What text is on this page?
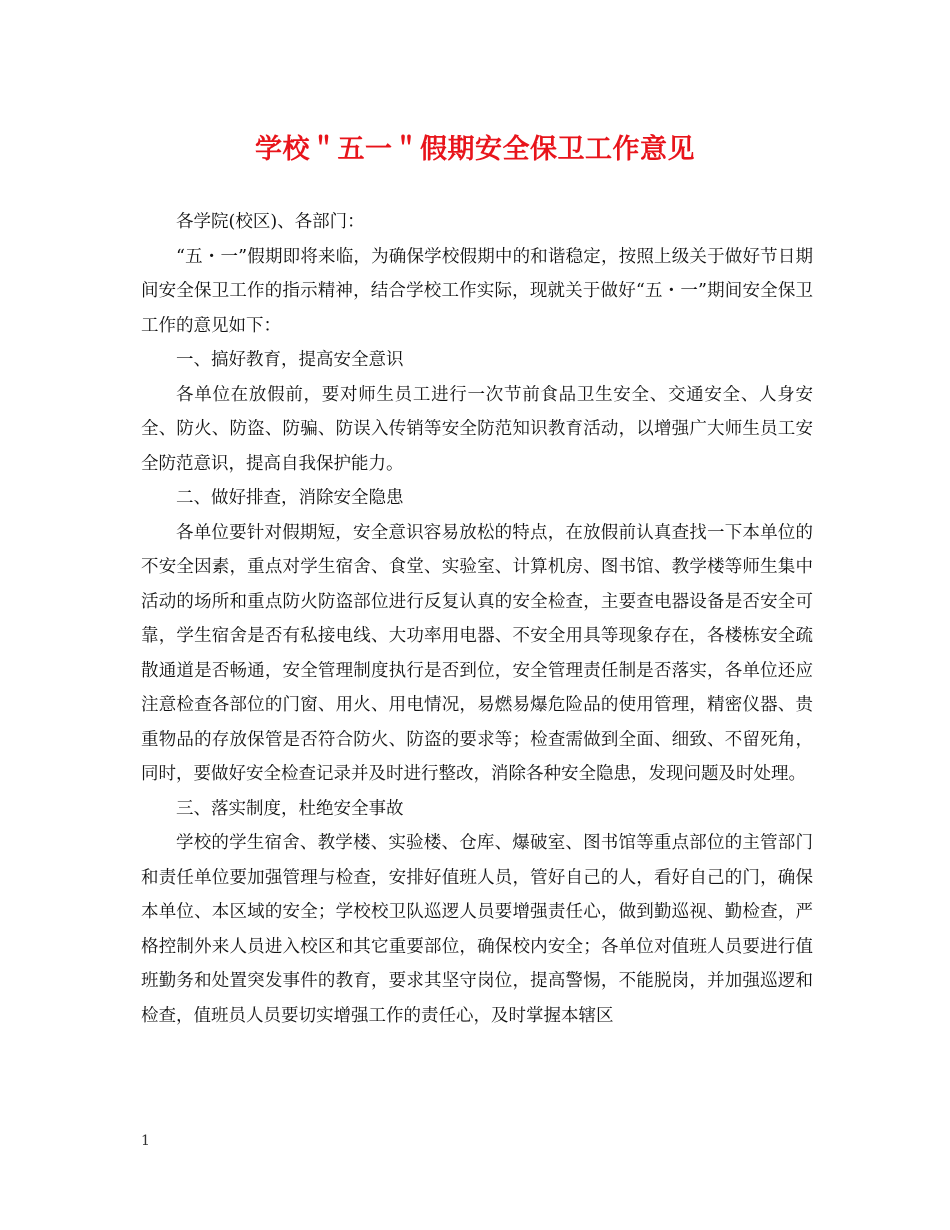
学校＂五一＂假期安全保卫工作意见

各学院(校区)、各部门：

“五・一”假期即将来临，为确保学校假期中的和谐稳定，按照上级关于做好节日期间安全保卫工作的指示精神，结合学校工作实际，现就关于做好“五・一”期间安全保卫工作的意见如下：

一、搞好教育，提高安全意识

各单位在放假前，要对师生员工进行一次节前食品卫生安全、交通安全、人身安全、防火、防盗、防骗、防误入传销等安全防范知识教育活动，以增强广大师生员工安全防范意识，提高自我保护能力。

二、做好排查，消除安全隐患

各单位要针对假期短，安全意识容易放松的特点，在放假前认真查找一下本单位的不安全因素，重点对学生宿舍、食堂、实验室、计算机房、图书馆、教学楼等师生集中活动的场所和重点防火防盗部位进行反复认真的安全检查，主要查电器设备是否安全可靠，学生宿舍是否有私接电线、大功率用电器、不安全用具等现象存在，各楼栋安全疏散通道是否畅通，安全管理制度执行是否到位，安全管理责任制是否落实，各单位还应注意检查各部位的门窗、用火、用电情况，易燃易爆危险品的使用管理，精密仪器、贵重物品的存放保管是否符合防火、防盗的要求等；检查需做到全面、细致、不留死角，同时，要做好安全检查记录并及时进行整改，消除各种安全隐患，发现问题及时处理。

三、落实制度，杜绝安全事故

学校的学生宿舍、教学楼、实验楼、仓库、爆破室、图书馆等重点部位的主管部门和责任单位要加强管理与检查，安排好值班人员，管好自己的人，看好自己的门，确保本单位、本区域的安全；学校校卫队巡逻人员要增强责任心，做到勤巡视、勤检查，严格控制外来人员进入校区和其它重要部位，确保校内安全；各单位对值班人员要进行值班勤务和处置突发事件的教育，要求其坚守岗位，提高警惕，不能脱岗，并加强巡逻和检查，值班员人员要切实增强工作的责任心，及时掌握本辖区

1
